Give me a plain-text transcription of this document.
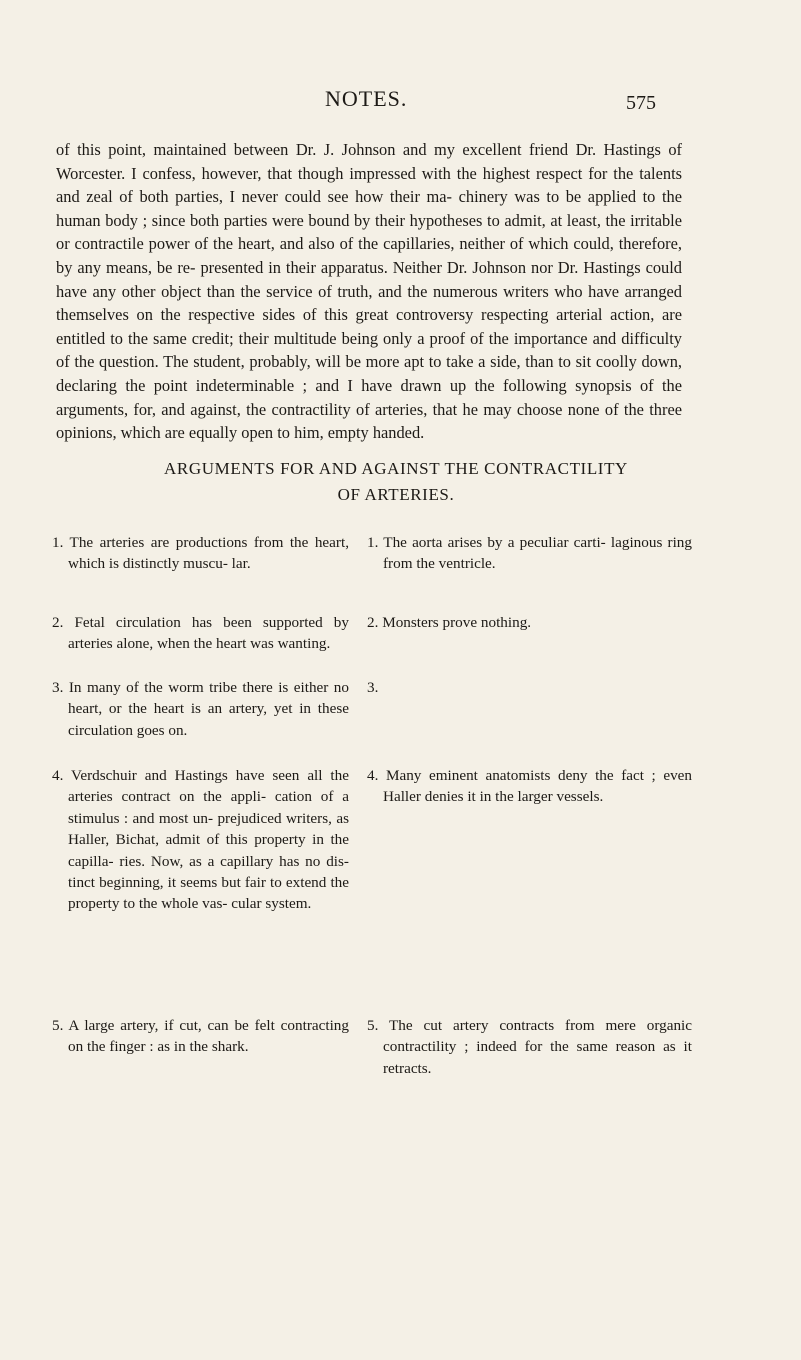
NOTES.	575

of this point, maintained between Dr. J. Johnson and my excellent friend Dr. Hastings of Worcester. I confess, however, that though impressed with the highest respect for the talents and zeal of both parties, I never could see how their ma- chinery was to be applied to the human body ; since both parties were bound by their hypotheses to admit, at least, the irritable or contractile power of the heart, and also of the capillaries, neither of which could, therefore, by any means, be re- presented in their apparatus. Neither Dr. Johnson nor Dr. Hastings could have any other object than the service of truth, and the numerous writers who have arranged themselves on the respective sides of this great controversy respecting arterial action, are entitled to the same credit; their multitude being only a proof of the importance and difficulty of the question. The student, probably, will be more apt to take a side, than to sit coolly down, declaring the point indeterminable ; and I have drawn up the following synopsis of the arguments, for, and against, the contractility of arteries, that he may choose none of the three opinions, which are equally open to him, empty handed.

ARGUMENTS FOR AND AGAINST THE CONTRACTILITY
OF ARTERIES.
1. The arteries are productions from the heart, which is distinctly muscu- lar.
1. The aorta arises by a peculiar carti- laginous ring from the ventricle.
2. Fetal circulation has been supported by arteries alone, when the heart was wanting.
2. Monsters prove nothing.
3. In many of the worm tribe there is either no heart, or the heart is an artery, yet in these circulation goes on.
3.
4. Verdschuir and Hastings have seen all the arteries contract on the appli- cation of a stimulus : and most un- prejudiced writers, as Haller, Bichat, admit of this property in the capilla- ries. Now, as a capillary has no dis- tinct beginning, it seems but fair to extend the property to the whole vas- cular system.
4. Many eminent anatomists deny the fact ; even Haller denies it in the larger vessels.
5. A large artery, if cut, can be felt contracting on the finger : as in the shark.
5. The cut artery contracts from mere organic contractility ; indeed for the same reason as it retracts.
